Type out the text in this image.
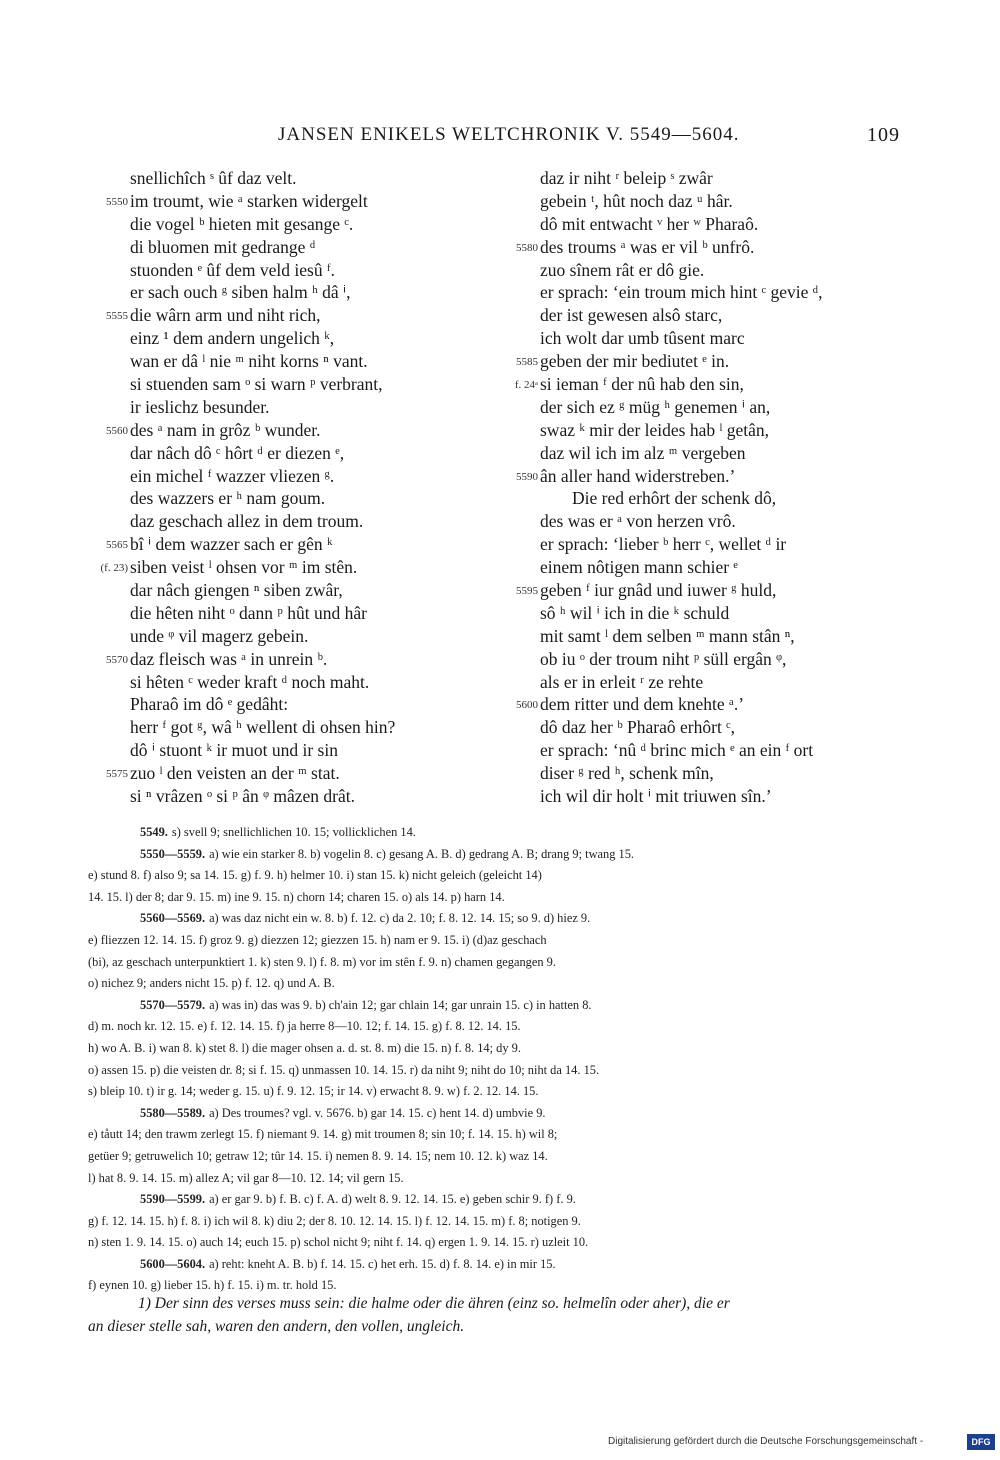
JANSEN ENIKELS WELTCHRONIK V. 5549—5604.	109
snellichîch ˢ ûf daz velt.
5550 im troumt, wie ᵃ starken widergelt
die vogel ᵇ hieten mit gesange ᶜ.
di bluomen mit gedrange ᵈ
stuonden ᵉ ûf dem veld iesû ᶠ.
er sach ouch ᵍ siben halm ʰ dâ ⁱ,
5555 die wârn arm und niht rich,
einz ¹ dem andern ungelich ᵏ,
wan er dâ ˡ nie ᵐ niht korns ⁿ vant.
si stuenden sam ᵒ si warn ᵖ verbrant,
ir ieslichz besunder.
5560 des ᵃ nam in grôz ᵇ wunder.
dar nâch dô ᶜ hôrt ᵈ er diezen ᵉ,
ein michel ᶠ wazzer vliezen ᵍ.
des wazzers er ʰ nam goum.
daz geschach allez in dem troum.
5565 bî ⁱ dem wazzer sach er gên ᵏ
(f. 23) siben veist ˡ ohsen vor ᵐ im stên.
dar nâch giengen ⁿ siben zwâr,
die hêten niht ᵒ dann ᵖ hût und hâr
unde ᵠ vil magerz gebein.
5570 daz fleisch was ᵃ in unrein ᵇ.
si hêten ᶜ weder kraft ᵈ noch maht.
Pharaô im dô ᵉ gedâht:
herr ᶠ got ᵍ, wâ ʰ wellent di ohsen hin?
dô ⁱ stuont ᵏ ir muot und ir sin
5575 zuo ˡ den veisten an der ᵐ stat.
si ⁿ vrâzen ᵒ si ᵖ ân ᵠ mâzen drât.
daz ir niht ʳ beleip ˢ zwâr
gebein ᵗ, hût noch daz ᵘ hâr.
dô mit entwacht ᵛ her ʷ Pharaô.
5580 des troums ᵃ was er vil ᵇ unfrô.
zuo sînem rât er dô gie.
er sprach: ‘ein troum mich hint ᶜ gevie ᵈ,
der ist gewesen alsô starc,
ich wolt dar umb tûsent marc
5585 geben der mir bediutet ᵉ in.
f. 24ᵃ si ieman ᶠ der nû hab den sin,
der sich ez ᵍ müg ʰ genemen ⁱ an,
swaz ᵏ mir der leides hab ˡ getân,
daz wil ich im alz ᵐ vergeben
5590 ân aller hand widerstreben.’
Die red erhôrt der schenk dô,
des was er ᵃ von herzen vrô.
er sprach: ‘lieber ᵇ herr ᶜ, wellet ᵈ ir
einem nôtigen mann schier ᵉ
5595 geben ᶠ iur gnâd und iuwer ᵍ huld,
sô ʰ wil ⁱ ich in die ᵏ schuld
mit samt ˡ dem selben ᵐ mann stân ⁿ,
ob iu ᵒ der troum niht ᵖ süll ergân ᵠ,
als er in erleit ʳ ze rehte
5600 dem ritter und dem knehte ᵃ.’
dô daz her ᵇ Pharaô erhôrt ᶜ,
er sprach: ‘nû ᵈ brinc mich ᵉ an ein ᶠ ort
diser ᵍ red ʰ, schenk mîn,
ich wil dir holt ⁱ mit triuwen sîn.’
5549. s) svell 9; snellichlichen 10. 15; vollicklichen 14.
5550—5559. a) wie ein starker 8. b) vogelin 8. c) gesang A. B. d) gedrang A. B; drang 9; twang 15.
e) stund 8. f) also 9; sa 14. 15. g) f. 9. h) helmer 10. i) stan 15. k) nicht geleich (geleicht 14)
14. 15. l) der 8; dar 9. 15. m) ine 9. 15. n) chorn 14; charen 15. o) als 14. p) harn 14.
5560—5569. a) was daz nicht ein w. 8. b) f. 12. c) da 2. 10; f. 8. 12. 14. 15; so 9. d) hiez 9.
e) fliezzen 12. 14. 15. f) groz 9. g) diezzen 12; giezzen 15. h) nam er 9. 15. i) (d)az geschach
(bi), az geschach unterpunktiert 1. k) sten 9. l) f. 8. m) vor im stên f. 9. n) chamen gegangen 9.
o) nichez 9; anders nicht 15. p) f. 12. q) und A. B.
5570—5579. a) was in) das was 9. b) ch'ain 12; gar chlain 14; gar unrain 15. c) in hatten 8.
d) m. noch kr. 12. 15. e) f. 12. 14. 15. f) ja herre 8—10. 12; f. 14. 15. g) f. 8. 12. 14. 15.
h) wo A. B. i) wan 8. k) stet 8. l) die mager ohsen a. d. st. 8. m) die 15. n) f. 8. 14; dy 9.
o) assen 15. p) die veisten dr. 8; si f. 15. q) unmassen 10. 14. 15. r) da niht 9; niht do 10; niht da 14. 15.
s) bleip 10. t) ir g. 14; weder g. 15. u) f. 9. 12. 15; ir 14. v) erwacht 8. 9. w) f. 2. 12. 14. 15.
5580—5589. a) Des troumes? vgl. v. 5676. b) gar 14. 15. c) hent 14. d) umbvie 9.
e) tåutt 14; den trawm zerlegt 15. f) niemant 9. 14. g) mit troumen 8; sin 10; f. 14. 15. h) wil 8;
getüer 9; getruwelich 10; getraw 12; tûr 14. 15. i) nemen 8. 9. 14. 15; nem 10. 12. k) waz 14.
l) hat 8. 9. 14. 15. m) allez A; vil gar 8—10. 12. 14; vil gern 15.
5590—5599. a) er gar 9. b) f. B. c) f. A. d) welt 8. 9. 12. 14. 15. e) geben schir 9. f) f. 9.
g) f. 12. 14. 15. h) f. 8. i) ich wil 8. k) diu 2; der 8. 10. 12. 14. 15. l) f. 12. 14. 15. m) f. 8; notigen 9.
n) sten 1. 9. 14. 15. o) auch 14; euch 15. p) schol nicht 9; niht f. 14. q) ergen 1. 9. 14. 15. r) uzleit 10.
5600—5604. a) reht: kneht A. B. b) f. 14. 15. c) het erh. 15. d) f. 8. 14. e) in mir 15.
f) eynen 10. g) lieber 15. h) f. 15. i) m. tr. hold 15.
1) Der sinn des verses muss sein: die halme oder die ähren (einz so. helmelîn oder aher), die er
an dieser stelle sah, waren den andern, den vollen, ungleich.
Digitalisierung gefördert durch die Deutsche Forschungsgemeinschaft -	DFG
